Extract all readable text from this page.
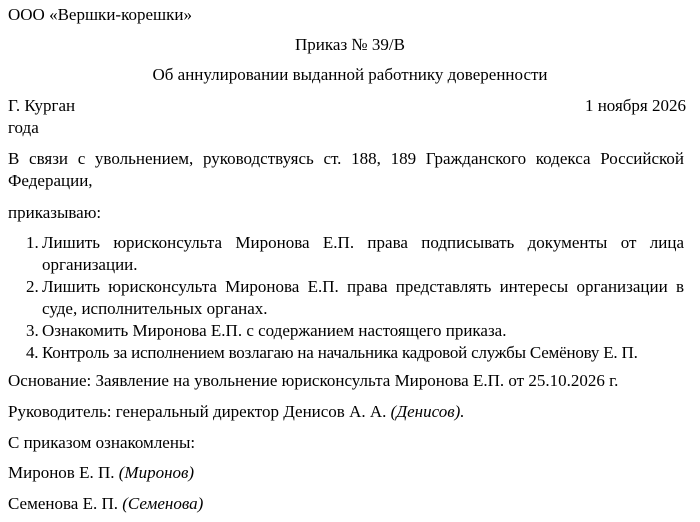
ООО «Вершки-корешки»
Приказ № 39/В
Об аннулировании выданной работнику доверенности
Г. Курган	1 ноября 2026
года
В связи с увольнением, руководствуясь ст. 188, 189 Гражданского кодекса Российской Федерации,
приказываю:
1. Лишить юрисконсульта Миронова Е.П. права подписывать документы от лица организации.
2. Лишить юрисконсульта Миронова Е.П. права представлять интересы организации в суде, исполнительных органах.
3. Ознакомить Миронова Е.П. с содержанием настоящего приказа.
4. Контроль за исполнением возлагаю на начальника кадровой службы Семёнову Е. П.
Основание: Заявление на увольнение юрисконсульта Миронова Е.П. от 25.10.2026 г.
Руководитель: генеральный директор Денисов А. А. (Денисов).
С приказом ознакомлены:
Миронов Е. П. (Миронов)
Семенова Е. П. (Семенова)
